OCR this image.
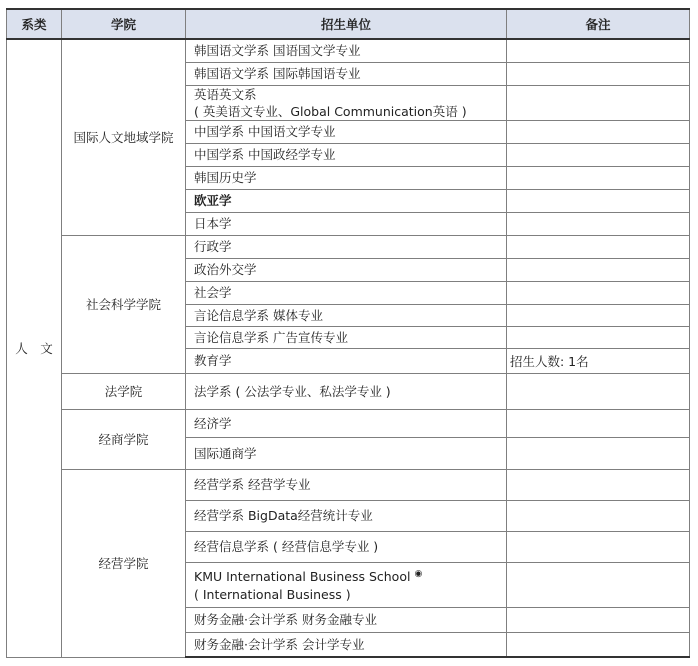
系类	学院	招生单位	备注
人　文	国际人文地域学院	韩国语文学系 国语国文学专业	

		韩国语文学系 国际韩国语专业	

		英语英文系
( 英美语文专业、Global Communication英语 )	

		中国学系 中国语文学专业	

		中国学系 中国政经学专业	

		韩国历史学	

		欧亚学	

		日本学	

	社会科学学院	行政学	

		政治外交学	

		社会学	

		言论信息学系 媒体专业	

		言论信息学系 广告宣传专业	

		教育学	招生人数: 1名
	法学院	法学系 ( 公法学专业、私法学专业 )	

	经商学院	经济学	

		国际通商学	

	经营学院	经营学系 经营学专业	

		经营学系 BigData经营统计专业	

		经营信息学系 ( 经营信息学专业 )	

		KMU International Business School ◉
( International Business )	

		财务金融·会计学系 财务金融专业	

		财务金融·会计学系 会计学专业	
